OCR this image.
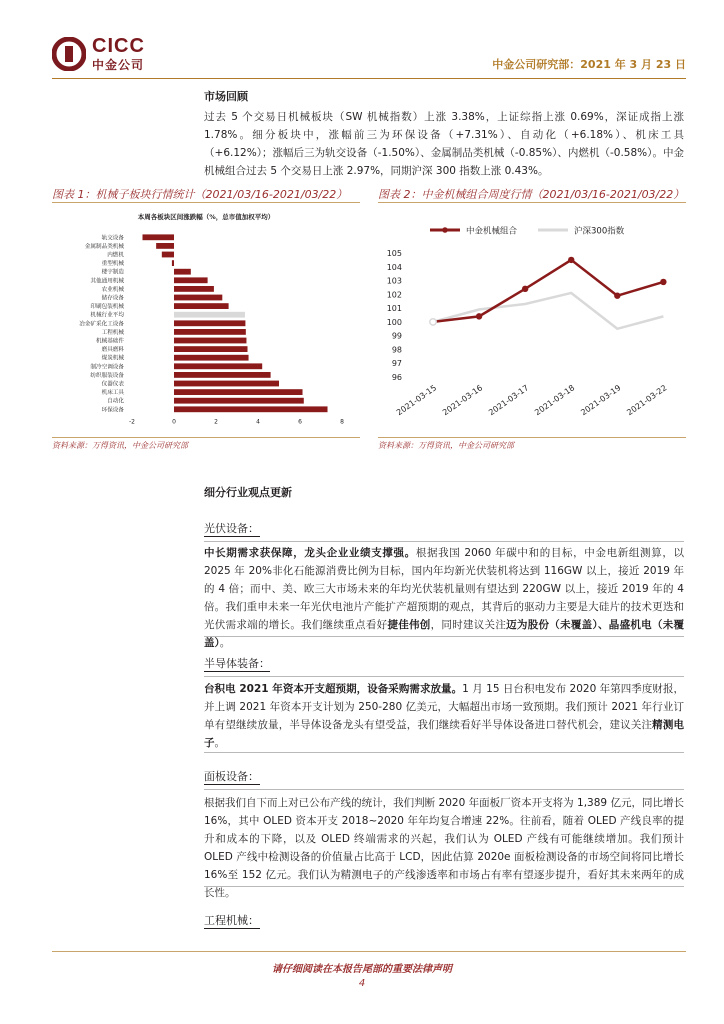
CICC
中金公司	中金公司研究部：2021 年 3 月 23 日
市场回顾
过去 5 个交易日机械板块（SW 机械指数）上涨 3.38%，上证综指上涨 0.69%，深证成指上涨 1.78%。细分板块中，涨幅前三为环保设备（+7.31%）、自动化（+6.18%）、机床工具（+6.12%）；涨幅后三为轨交设备（-1.50%）、金属制品类机械（-0.85%）、内燃机（-0.58%）。中金机械组合过去 5 个交易日上涨 2.97%，同期沪深 300 指数上涨 0.43%。
图表 1：机械子板块行情统计（2021/03/16-2021/03/22）	图表 2：中金机械组合周度行情（2021/03/16-2021/03/22）
本周各板块区间涨跌幅（%，总市值加权平均）
轨交设备
金属制品类机械
内燃机
重型机械
楼宇制造
其他通用机械
农业机械
储存设备
印刷包装机械
机械行业平均
冶金矿采化工设备
工程机械
机械基础件
磨具磨料
煤炭机械
制冷空调设备
纺织服装设备
仪器仪表
机床工具
自动化
环保设备
-2	0	2	4	6	8
中金机械组合	沪深300指数
96
97
98
99
100
101
102
103
104
105
2021-03-15 2021-03-16 2021-03-17 2021-03-18 2021-03-19 2021-03-22
资料来源：万得资讯，中金公司研究部	资料来源：万得资讯，中金公司研究部
细分行业观点更新
光伏设备：
中长期需求获保障，龙头企业业绩支撑强。根据我国 2060 年碳中和的目标，中金电新组测算，以 2025 年 20%非化石能源消费比例为目标，国内年均新光伏装机将达到 116GW 以上，接近 2019 年的 4 倍；而中、美、欧三大市场未来的年均光伏装机量则有望达到 220GW 以上，接近 2019 年的 4 倍。我们重申未来一年光伏电池片产能扩产超预期的观点，其背后的驱动力主要是大硅片的技术更迭和光伏需求端的增长。我们继续重点看好捷佳伟创，同时建议关注迈为股份（未覆盖）、晶盛机电（未覆盖）。
半导体装备：
台积电 2021 年资本开支超预期，设备采购需求放量。1 月 15 日台积电发布 2020 年第四季度财报，并上调 2021 年资本开支计划为 250-280 亿美元，大幅超出市场一致预期。我们预计 2021 年行业订单有望继续放量，半导体设备龙头有望受益，我们继续看好半导体设备进口替代机会，建议关注精测电子。
面板设备：
根据我们自下而上对已公布产线的统计，我们判断 2020 年面板厂资本开支将为 1,389 亿元，同比增长 16%，其中 OLED 资本开支 2018~2020 年年均复合增速 22%。往前看，随着 OLED 产线良率的提升和成本的下降，以及 OLED 终端需求的兴起，我们认为 OLED 产线有可能继续增加。我们预计 OLED 产线中检测设备的价值量占比高于 LCD，因此估算 2020e 面板检测设备的市场空间将同比增长 16%至 152 亿元。我们认为精测电子的产线渗透率和市场占有率有望逐步提升，看好其未来两年的成长性。
工程机械：
请仔细阅读在本报告尾部的重要法律声明
4
